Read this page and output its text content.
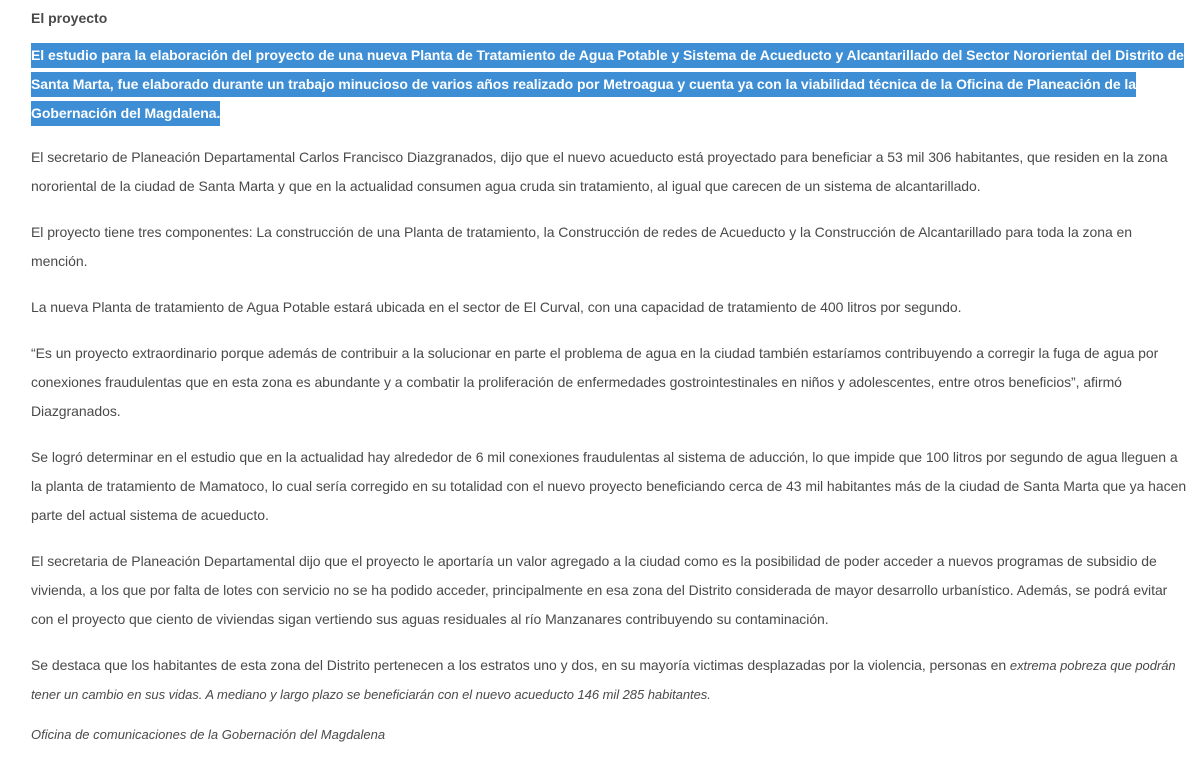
El proyecto

El estudio para la elaboración del proyecto de una nueva Planta de Tratamiento de Agua Potable y Sistema de Acueducto y Alcantarillado del Sector Nororiental del Distrito de Santa Marta, fue elaborado durante un trabajo minucioso de varios años realizado por Metroagua y cuenta ya con la viabilidad técnica de la Oficina de Planeación de la Gobernación del Magdalena.

El secretario de Planeación Departamental Carlos Francisco Diazgranados, dijo que el nuevo acueducto está proyectado para beneficiar a 53 mil 306 habitantes, que residen en la zona nororiental de la ciudad de Santa Marta y que en la actualidad consumen agua cruda sin tratamiento, al igual que carecen de un sistema de alcantarillado.

El proyecto tiene tres componentes: La construcción de una Planta de tratamiento, la Construcción de redes de Acueducto y la Construcción de Alcantarillado para toda la zona en mención.

La nueva Planta de tratamiento de Agua Potable estará ubicada en el sector de El Curval, con una capacidad de tratamiento de 400 litros por segundo.

“Es un proyecto extraordinario porque además de contribuir a la solucionar en parte el problema de agua en la ciudad también estaríamos contribuyendo a corregir la fuga de agua por conexiones fraudulentas que en esta zona es abundante y a combatir la proliferación de enfermedades gostrointestinales en niños y adolescentes, entre otros beneficios”, afirmó Diazgranados.

Se logró determinar en el estudio que en la actualidad hay alrededor de 6 mil conexiones fraudulentas al sistema de aducción, lo que impide que 100 litros por segundo de agua lleguen a la planta de tratamiento de Mamatoco, lo cual sería corregido en su totalidad con el nuevo proyecto beneficiando cerca de 43 mil habitantes más de la ciudad de Santa Marta que ya hacen parte del actual sistema de acueducto.

El secretaria de Planeación Departamental dijo que el proyecto le aportaría un valor agregado a la ciudad como es la posibilidad de poder acceder a nuevos programas de subsidio de vivienda, a los que por falta de lotes con servicio no se ha podido acceder, principalmente en esa zona del Distrito considerada de mayor desarrollo urbanístico. Además, se podrá evitar con el proyecto que ciento de viviendas sigan vertiendo sus aguas residuales al río Manzanares contribuyendo su contaminación.

Se destaca que los habitantes de esta zona del Distrito pertenecen a los estratos uno y dos, en su mayoría victimas desplazadas por la violencia, personas en extrema pobreza que podrán tener un cambio en sus vidas. A mediano y largo plazo se beneficiarán con el nuevo acueducto 146 mil 285 habitantes.

Oficina de comunicaciones de la Gobernación del Magdalena
